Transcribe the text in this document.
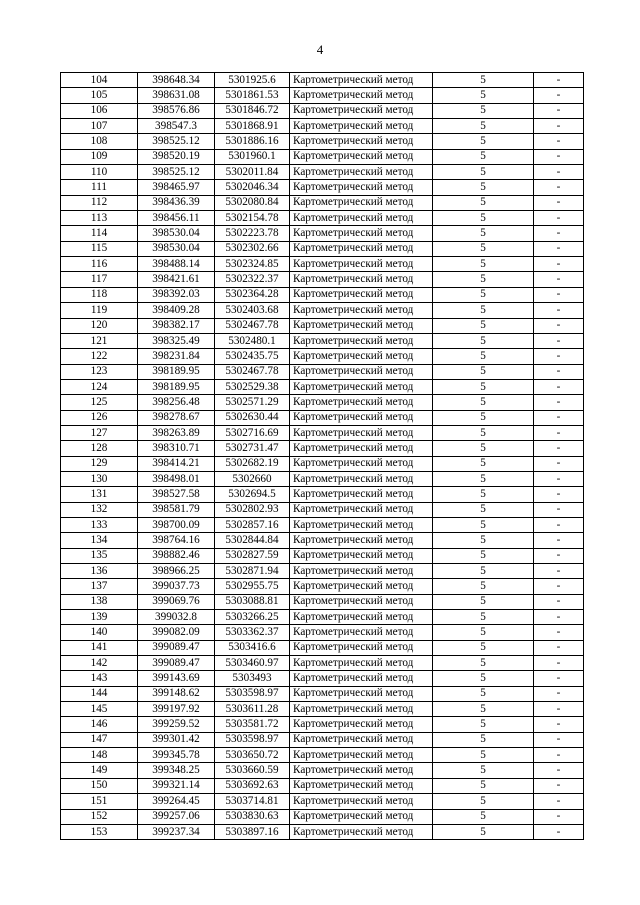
4
104	398648.34	5301925.6	Картометрический метод	5	-
105	398631.08	5301861.53	Картометрический метод	5	-
106	398576.86	5301846.72	Картометрический метод	5	-
107	398547.3	5301868.91	Картометрический метод	5	-
108	398525.12	5301886.16	Картометрический метод	5	-
109	398520.19	5301960.1	Картометрический метод	5	-
110	398525.12	5302011.84	Картометрический метод	5	-
111	398465.97	5302046.34	Картометрический метод	5	-
112	398436.39	5302080.84	Картометрический метод	5	-
113	398456.11	5302154.78	Картометрический метод	5	-
114	398530.04	5302223.78	Картометрический метод	5	-
115	398530.04	5302302.66	Картометрический метод	5	-
116	398488.14	5302324.85	Картометрический метод	5	-
117	398421.61	5302322.37	Картометрический метод	5	-
118	398392.03	5302364.28	Картометрический метод	5	-
119	398409.28	5302403.68	Картометрический метод	5	-
120	398382.17	5302467.78	Картометрический метод	5	-
121	398325.49	5302480.1	Картометрический метод	5	-
122	398231.84	5302435.75	Картометрический метод	5	-
123	398189.95	5302467.78	Картометрический метод	5	-
124	398189.95	5302529.38	Картометрический метод	5	-
125	398256.48	5302571.29	Картометрический метод	5	-
126	398278.67	5302630.44	Картометрический метод	5	-
127	398263.89	5302716.69	Картометрический метод	5	-
128	398310.71	5302731.47	Картометрический метод	5	-
129	398414.21	5302682.19	Картометрический метод	5	-
130	398498.01	5302660	Картометрический метод	5	-
131	398527.58	5302694.5	Картометрический метод	5	-
132	398581.79	5302802.93	Картометрический метод	5	-
133	398700.09	5302857.16	Картометрический метод	5	-
134	398764.16	5302844.84	Картометрический метод	5	-
135	398882.46	5302827.59	Картометрический метод	5	-
136	398966.25	5302871.94	Картометрический метод	5	-
137	399037.73	5302955.75	Картометрический метод	5	-
138	399069.76	5303088.81	Картометрический метод	5	-
139	399032.8	5303266.25	Картометрический метод	5	-
140	399082.09	5303362.37	Картометрический метод	5	-
141	399089.47	5303416.6	Картометрический метод	5	-
142	399089.47	5303460.97	Картометрический метод	5	-
143	399143.69	5303493	Картометрический метод	5	-
144	399148.62	5303598.97	Картометрический метод	5	-
145	399197.92	5303611.28	Картометрический метод	5	-
146	399259.52	5303581.72	Картометрический метод	5	-
147	399301.42	5303598.97	Картометрический метод	5	-
148	399345.78	5303650.72	Картометрический метод	5	-
149	399348.25	5303660.59	Картометрический метод	5	-
150	399321.14	5303692.63	Картометрический метод	5	-
151	399264.45	5303714.81	Картометрический метод	5	-
152	399257.06	5303830.63	Картометрический метод	5	-
153	399237.34	5303897.16	Картометрический метод	5	-
